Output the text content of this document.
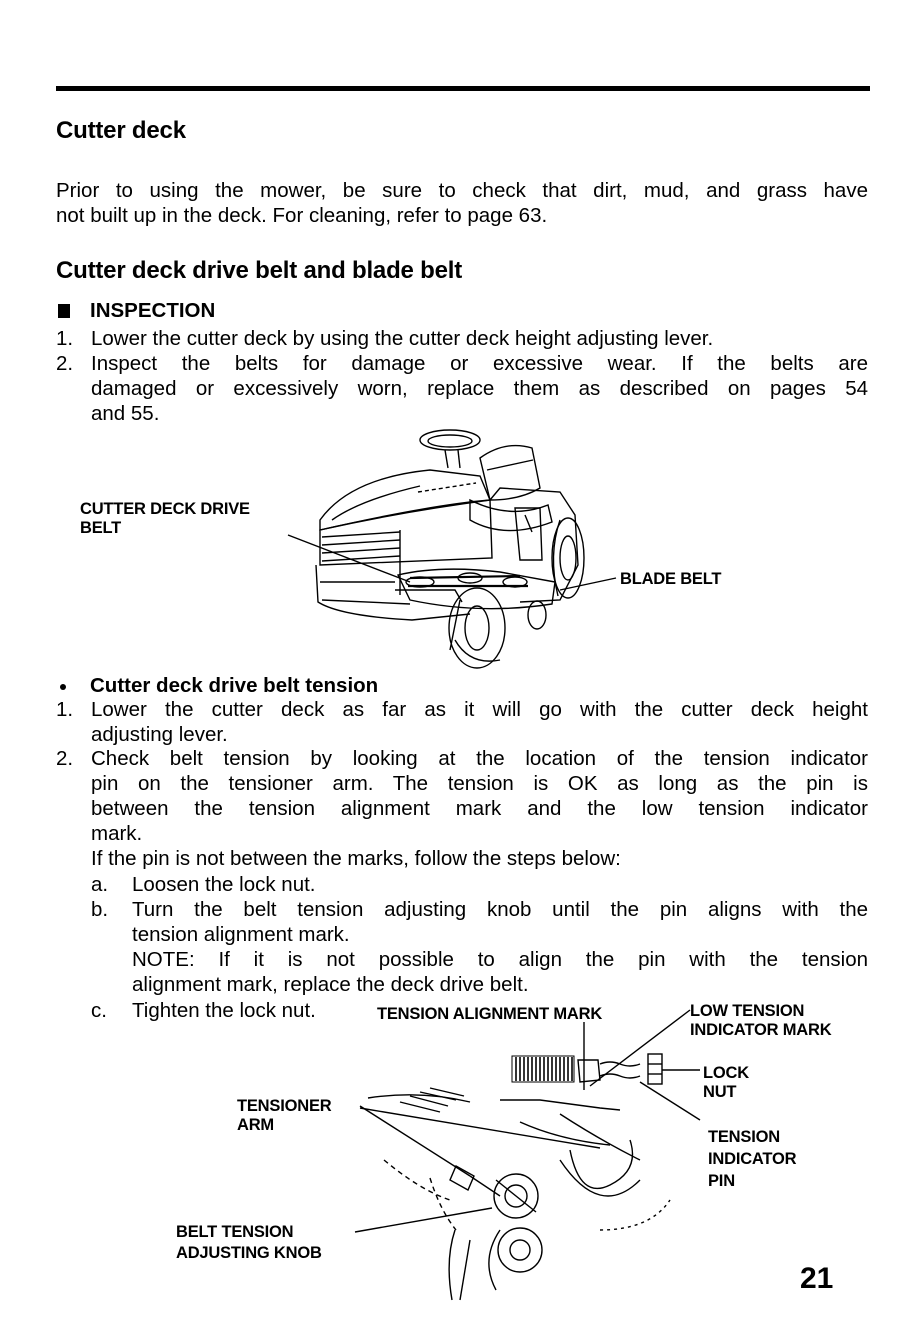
Cutter deck
Prior to using the mower, be sure to check that dirt, mud, and grass have
not built up in the deck. For cleaning, refer to page 63.
Cutter deck drive belt and blade belt
INSPECTION
1. Lower the cutter deck by using the cutter deck height adjusting lever.
2. Inspect the belts for damage or excessive wear. If the belts are
damaged or excessively worn, replace them as described on pages 54
and 55.
CUTTER DECK DRIVE
BELT
BLADE BELT
Cutter deck drive belt tension
1. Lower the cutter deck as far as it will go with the cutter deck height
adjusting lever.
2. Check belt tension by looking at the location of the tension indicator
pin on the tensioner arm. The tension is OK as long as the pin is
between the tension alignment mark and the low tension indicator
mark.
If the pin is not between the marks, follow the steps below:
a. Loosen the lock nut.
b. Turn the belt tension adjusting knob until the pin aligns with the
tension alignment mark.
NOTE: If it is not possible to align the pin with the tension
alignment mark, replace the deck drive belt.
c. Tighten the lock nut.	TENSION ALIGNMENT MARK	LOW TENSION
INDICATOR MARK
LOCK
NUT
TENSIONER
ARM
TENSION
INDICATOR
PIN
BELT TENSION
ADJUSTING KNOB
21
